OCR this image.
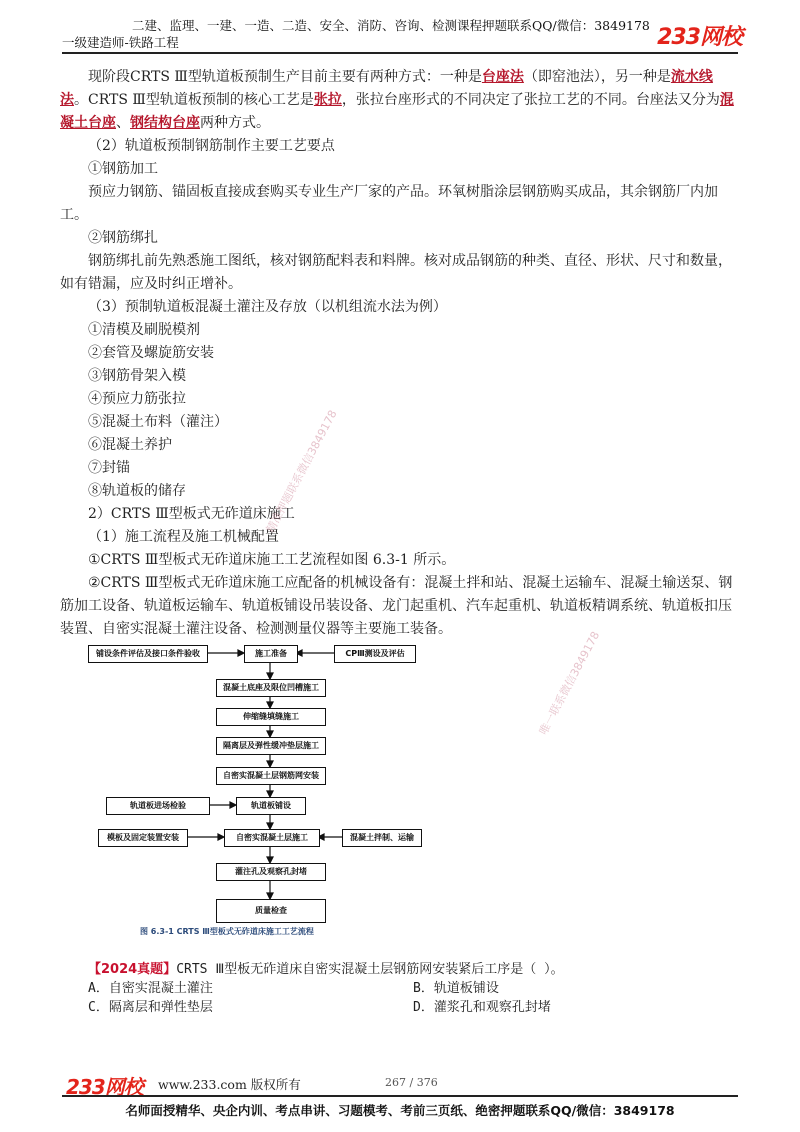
二建、监理、一建、一造、二造、安全、消防、咨询、检测课程押题联系QQ/微信：3849178
一级建造师-铁路工程	233网校

现阶段CRTS Ⅲ型轨道板预制生产目前主要有两种方式：一种是台座法（即窑池法），另一种是流水线法。CRTS Ⅲ型轨道板预制的核心工艺是张拉，张拉台座形式的不同决定了张拉工艺的不同。台座法又分为混凝土台座、钢结构台座两种方式。

（2）轨道板预制钢筋制作主要工艺要点

①钢筋加工

预应力钢筋、锚固板直接成套购买专业生产厂家的产品。环氧树脂涂层钢筋购买成品，其余钢筋厂内加工。

②钢筋绑扎

钢筋绑扎前先熟悉施工图纸，核对钢筋配料表和料牌。核对成品钢筋的种类、直径、形状、尺寸和数量，如有错漏，应及时纠正增补。

（3）预制轨道板混凝土灌注及存放（以机组流水法为例）

①清模及刷脱模剂

②套管及螺旋筋安装

③钢筋骨架入模

④预应力筋张拉

⑤混凝土布料（灌注）

⑥混凝土养护

⑦封锚

⑧轨道板的储存

2）CRTS Ⅲ型板式无砟道床施工

（1）施工流程及施工机械配置

①CRTS Ⅲ型板式无砟道床施工工艺流程如图 6.3-1 所示。

②CRTS Ⅲ型板式无砟道床施工应配备的机械设备有：混凝土拌和站、混凝土运输车、混凝土输送泵、钢筋加工设备、轨道板运输车、轨道板铺设吊装设备、龙门起重机、汽车起重机、轨道板精调系统、轨道板扣压装置、自密实混凝土灌注设备、检测测量仪器等主要施工装备。

精准押题联系微信3849178
唯一联系微信3849178
铺设条件评估及接口条件验收	施工准备	CPⅢ测设及评估
混凝土底座及限位凹槽施工
伸缩缝填缝施工
隔离层及弹性缓冲垫层施工
自密实混凝土层钢筋网安装
轨道板进场检验	轨道板铺设
模板及固定装置安装	自密实混凝土层施工	混凝土拌制、运输
灌注孔及观察孔封堵
质量检查
图 6.3-1 CRTS Ⅲ型板式无砟道床施工工艺流程
【2024真题】CRTS Ⅲ型板无砟道床自密实混凝土层钢筋网安装紧后工序是（ ）。
A．自密实混凝土灌注	B．轨道板铺设
C．隔离层和弹性垫层	D．灌浆孔和观察孔封堵
233网校 www.233.com 版权所有	267 / 376
名师面授精华、央企内训、考点串讲、习题模考、考前三页纸、绝密押题联系QQ/微信：3849178
